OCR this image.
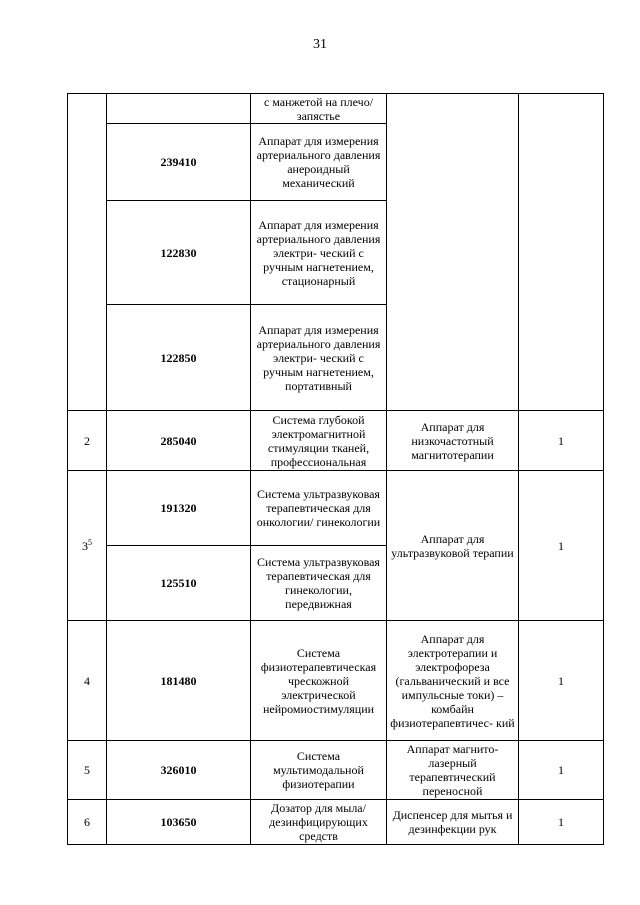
31
		с манжетой на плечо/запястье		
	239410	Аппарат для измерения артериального давления анероидный механический		
	122830	Аппарат для измерения артериального давления электри- ческий с ручным нагнетением, стационарный		
	122850	Аппарат для измерения артериального давления электри- ческий с ручным нагнетением, портативный		
2	285040	Система глубокой электромагнитной стимуляции тканей, профессиональная	Аппарат для низкочастотный магнитотерапии	1
$3^5$	191320	Система ультразвуковая терапевтическая для онкологии/ гинекологии	Аппарат для ультразвуковой терапии	1
	125510	Система ультразвуковая терапевтическая для гинекологии, передвижная		
4	181480	Система физиотерапевтическая чрескожной электрической нейромиостимуляции	Аппарат для электротерапии и электрофореза (гальванический и все импульсные токи) – комбайн физиотерапевтичес- кий	1
5	326010	Система мультимодальной физиотерапии	Аппарат магнито- лазерный терапевтический переносной	1
6	103650	Дозатор для мыла/ дезинфицирующих средств	Диспенсер для мытья и дезинфекции рук	1
